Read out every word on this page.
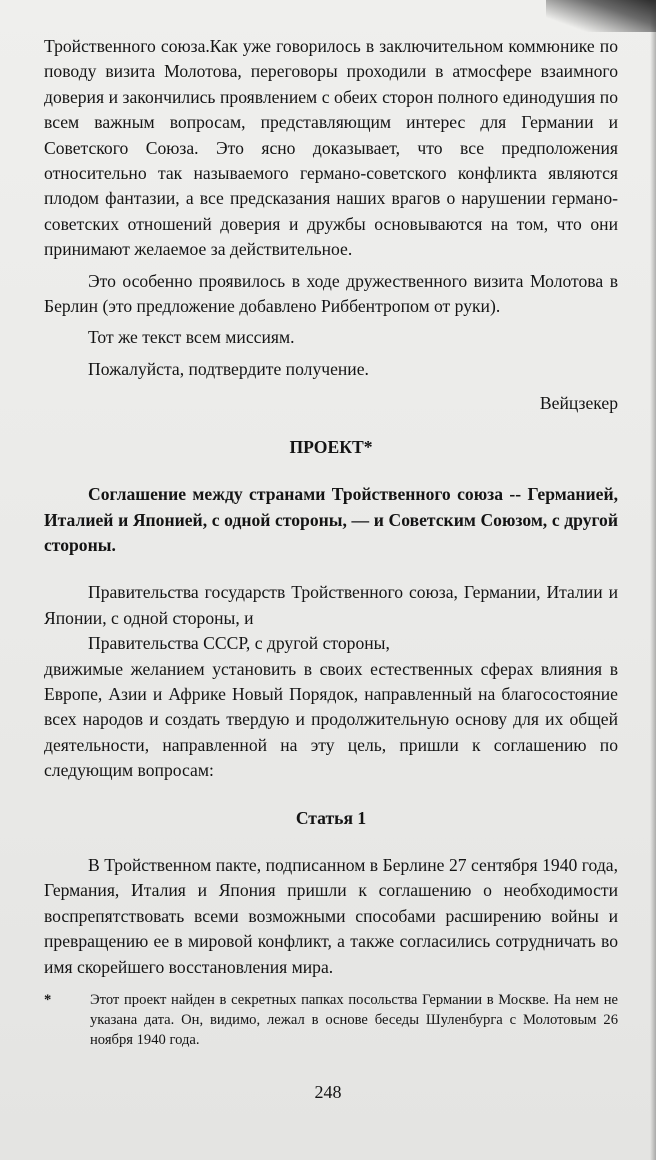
Тройственного союза.Как уже говорилось в заключительном коммюнике по поводу визита Молотова, переговоры проходили в атмосфере взаимного доверия и закончились проявлением с обеих сторон полного единодушия по всем важным вопросам, представляющим интерес для Германии и Советского Союза. Это ясно доказывает, что все предположения относительно так называемого германо-советского конфликта являются плодом фантазии, а все предсказания наших врагов о нарушении германо-советских отношений доверия и дружбы основываются на том, что они принимают желаемое за действительное.

Это особенно проявилось в ходе дружественного визита Молотова в Берлин (это предложение добавлено Риббентропом от руки).

Тот же текст всем миссиям.

Пожалуйста, подтвердите получение.

Вейцзекер

ПРОЕКТ*

Соглашение между странами Тройственного союза -- Германией, Италией и Японией, с одной стороны, — и Советским Союзом, с другой стороны.

Правительства государств Тройственного союза, Германии, Италии и Японии, с одной стороны, и

Правительства СССР, с другой стороны,

движимые желанием установить в своих естественных сферах влияния в Европе, Азии и Африке Новый Порядок, направленный на благосостояние всех народов и создать твердую и продолжительную основу для их общей деятельности, направленной на эту цель, пришли к соглашению по следующим вопросам:

Статья 1

В Тройственном пакте, подписанном в Берлине 27 сентября 1940 года, Германия, Италия и Япония пришли к соглашению о необходимости воспрепятствовать всеми возможными способами расширению войны и превращению ее в мировой конфликт, а также согласились сотрудничать во имя скорейшего восстановления мира.

*	Этот проект найден в секретных папках посольства Германии в Москве. На нем не указана дата. Он, видимо, лежал в основе беседы Шуленбурга с Молотовым 26 ноября 1940 года.
248
